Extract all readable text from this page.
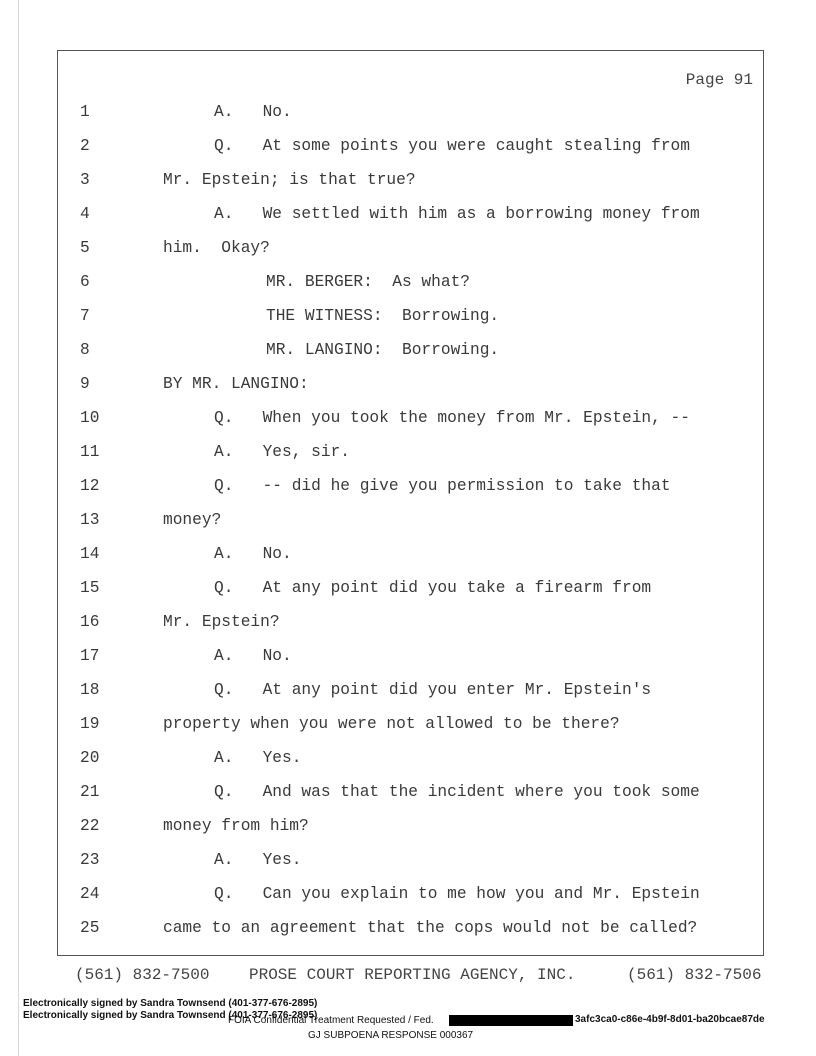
Page 91
1	A.   No.
2	Q.   At some points you were caught stealing from
3	Mr. Epstein; is that true?
4	A.   We settled with him as a borrowing money from
5	him.  Okay?
6	MR. BERGER:  As what?
7	THE WITNESS:  Borrowing.
8	MR. LANGINO:  Borrowing.
9	BY MR. LANGINO:
10	Q.   When you took the money from Mr. Epstein, --
11	A.   Yes, sir.
12	Q.   -- did he give you permission to take that
13	money?
14	A.   No.
15	Q.   At any point did you take a firearm from
16	Mr. Epstein?
17	A.   No.
18	Q.   At any point did you enter Mr. Epstein's
19	property when you were not allowed to be there?
20	A.   Yes.
21	Q.   And was that the incident where you took some
22	money from him?
23	A.   Yes.
24	Q.   Can you explain to me how you and Mr. Epstein
25	came to an agreement that the cops would not be called?

(561) 832-7500

PROSE COURT REPORTING AGENCY, INC.

	(561) 832-7506

Electronically signed by Sandra Townsend (401-377-676-2895)
Electronically signed by Sandra Townsend (401-377-676-2895)
FOIA Confidential Treatment Requested / Fed.	3afc3ca0-c86e-4b9f-8d01-ba20bcae87de
GJ SUBPOENA RESPONSE 000367
